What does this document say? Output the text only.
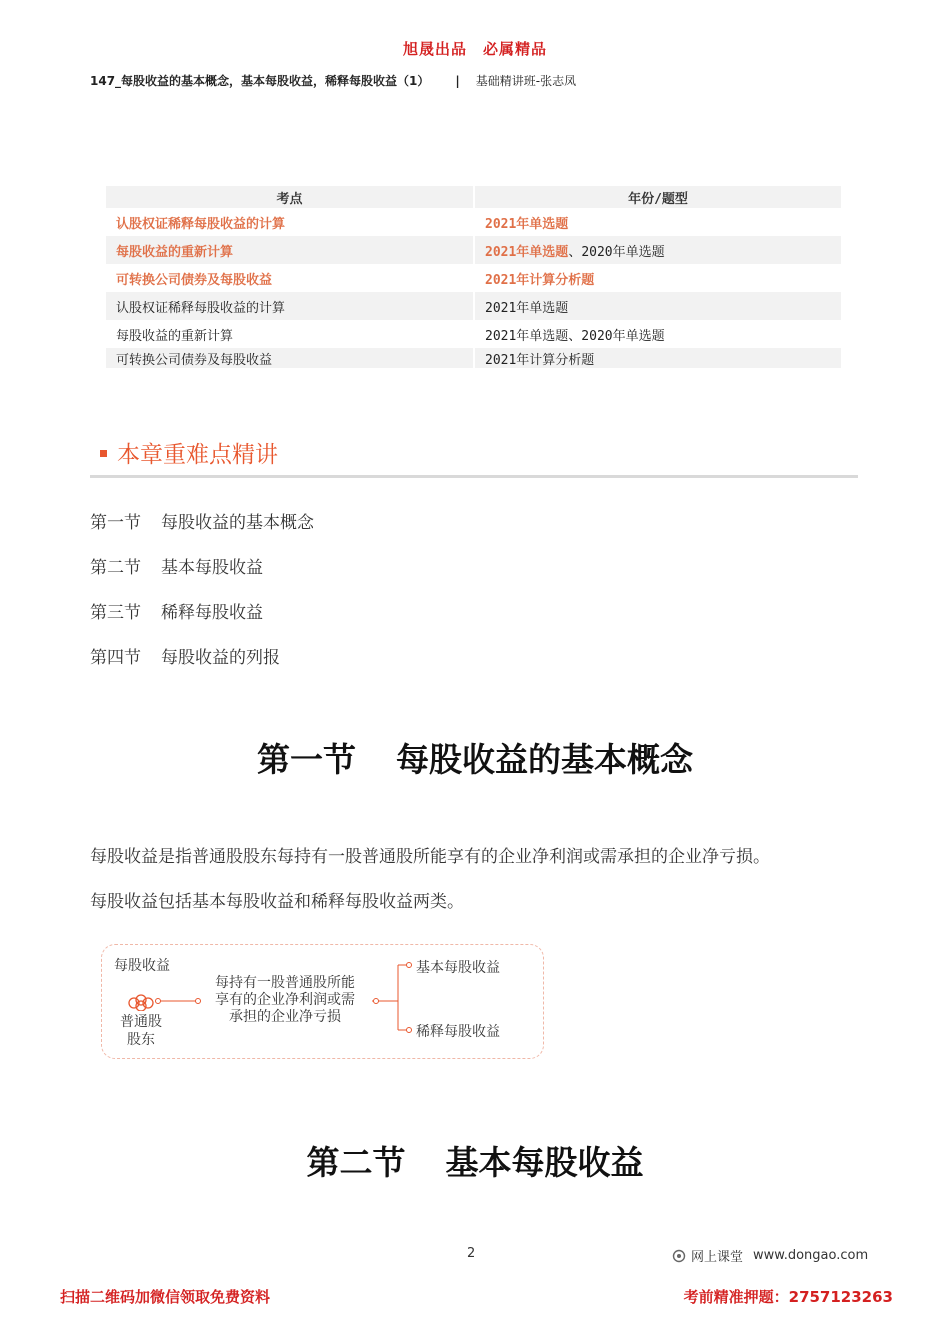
旭晟出品　必属精品
147_每股收益的基本概念，基本每股收益，稀释每股收益（1） | 基础精讲班-张志凤
考点	年份/题型
认股权证稀释每股收益的计算	2021年单选题
每股收益的重新计算	2021年单选题、2020年单选题
可转换公司债券及每股收益	2021年计算分析题
认股权证稀释每股收益的计算	2021年单选题
每股收益的重新计算	2021年单选题、2020年单选题
可转换公司债券及每股收益	2021年计算分析题
本章重难点精讲
第一节 每股收益的基本概念
第二节 基本每股收益
第三节 稀释每股收益
第四节 每股收益的列报
第一节 每股收益的基本概念
每股收益是指普通股股东每持有一股普通股所能享有的企业净利润或需承担的企业净亏损。
每股收益包括基本每股收益和稀释每股收益两类。
每股收益
普通股
股东
每持有一股普通股所能
享有的企业净利润或需
承担的企业净亏损
基本每股收益
稀释每股收益
第二节 基本每股收益
2	网上课堂 www.dongao.com
扫描二维码加微信领取免费资料	考前精准押题：2757123263
